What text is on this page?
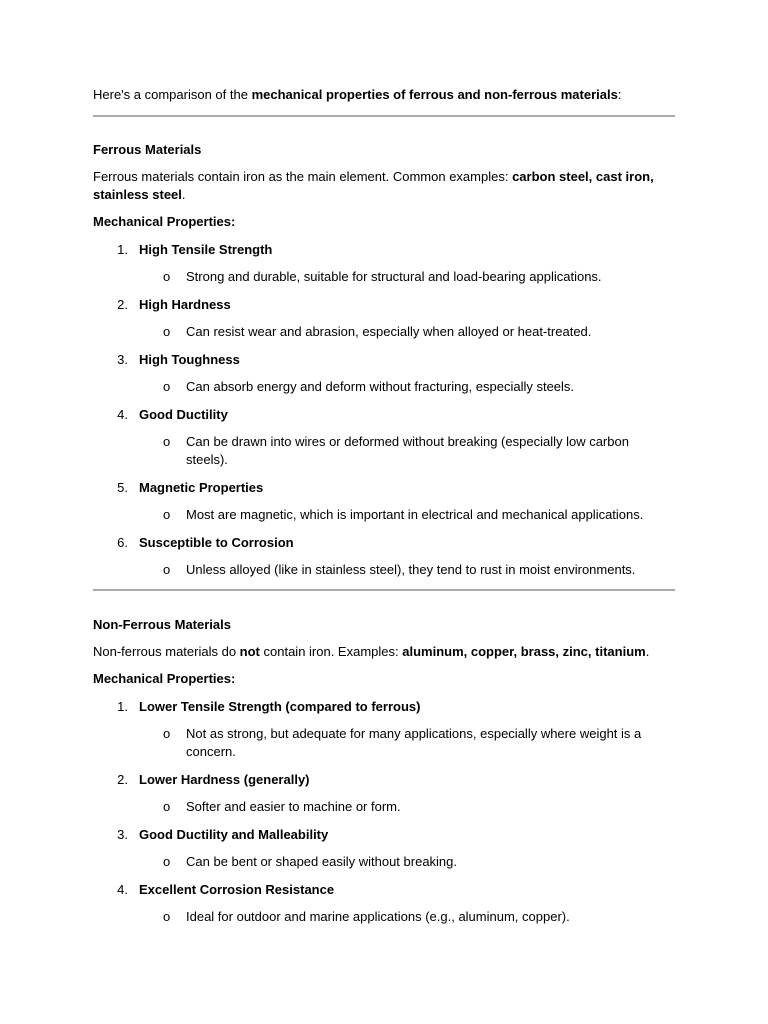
Here's a comparison of the mechanical properties of ferrous and non-ferrous materials:

Ferrous Materials

Ferrous materials contain iron as the main element. Common examples: carbon steel, cast iron, stainless steel.

Mechanical Properties:

1. High Tensile Strength
o	Strong and durable, suitable for structural and load-bearing applications.
2. High Hardness
o	Can resist wear and abrasion, especially when alloyed or heat-treated.
3. High Toughness
o	Can absorb energy and deform without fracturing, especially steels.
4. Good Ductility
o	Can be drawn into wires or deformed without breaking (especially low carbon steels).
5. Magnetic Properties
o	Most are magnetic, which is important in electrical and mechanical applications.
6. Susceptible to Corrosion
o	Unless alloyed (like in stainless steel), they tend to rust in moist environments.

Non-Ferrous Materials

Non-ferrous materials do not contain iron. Examples: aluminum, copper, brass, zinc, titanium.

Mechanical Properties:

1. Lower Tensile Strength (compared to ferrous)
o	Not as strong, but adequate for many applications, especially where weight is a concern.
2. Lower Hardness (generally)
o	Softer and easier to machine or form.
3. Good Ductility and Malleability
o	Can be bent or shaped easily without breaking.
4. Excellent Corrosion Resistance
o	Ideal for outdoor and marine applications (e.g., aluminum, copper).
